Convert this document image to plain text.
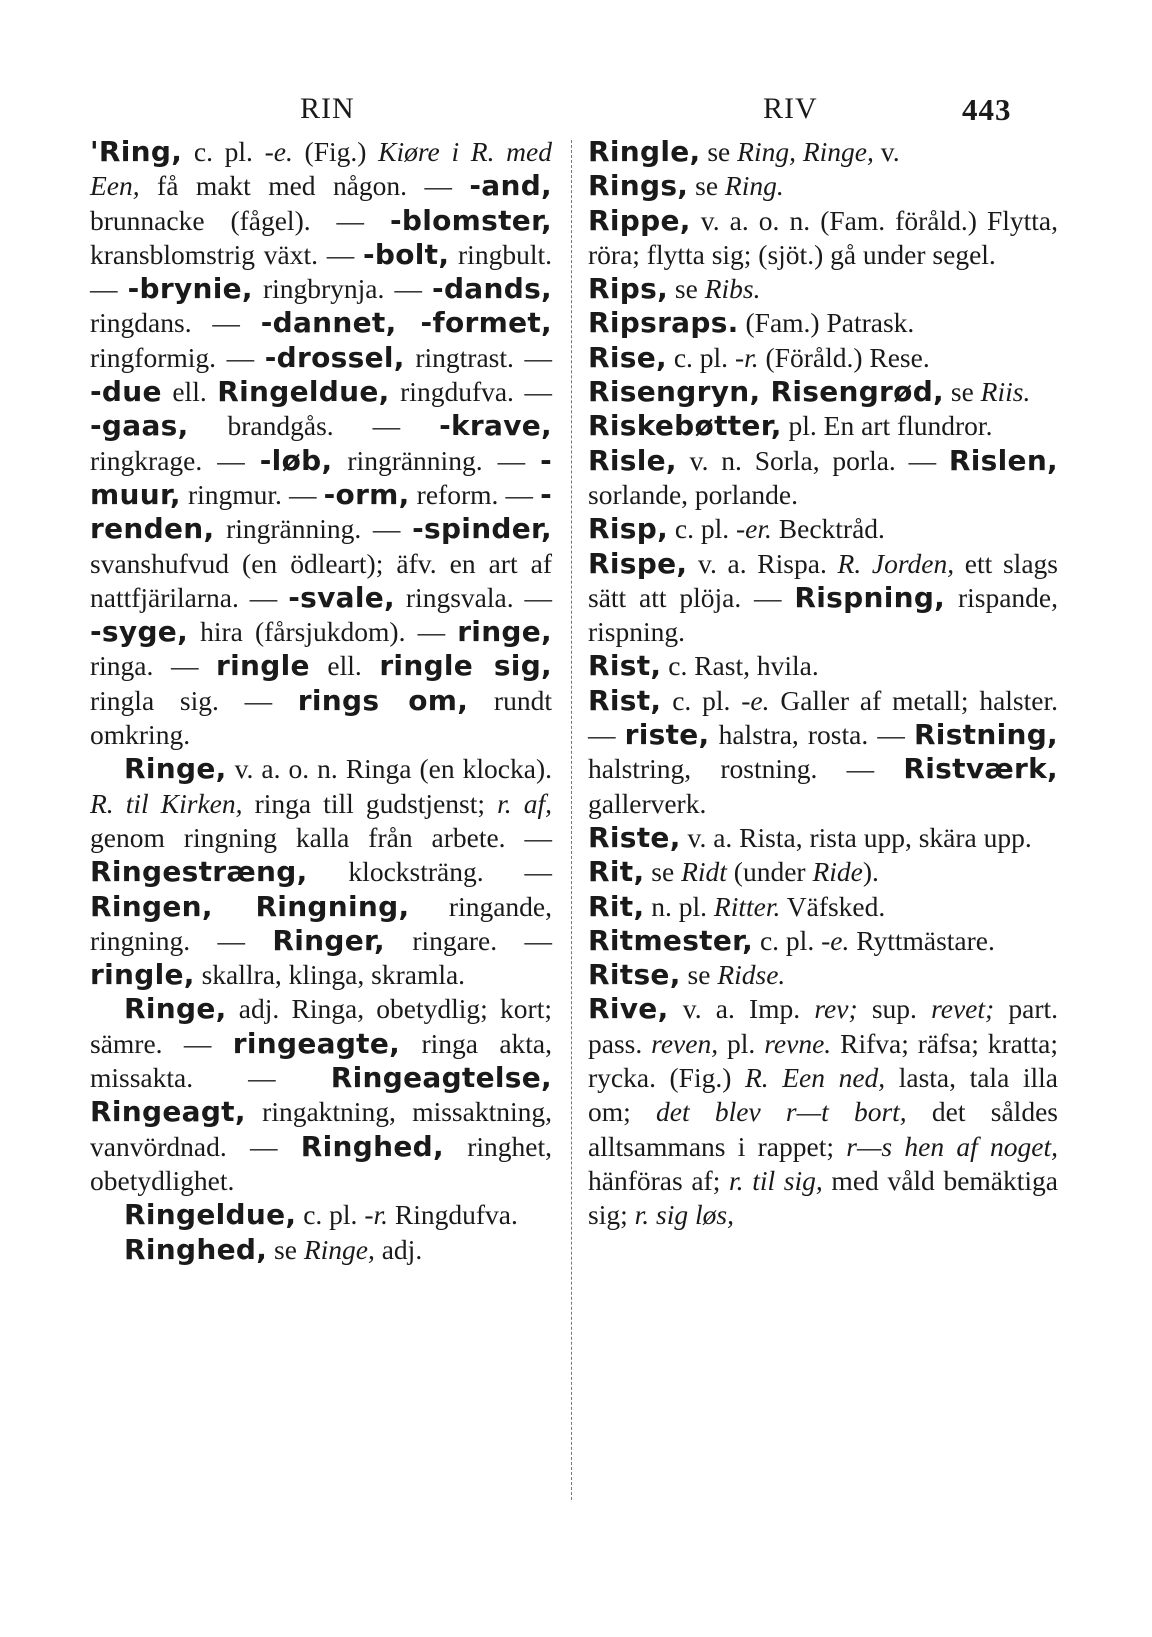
RIN	RIV	443

'Ring, c. pl. -e. (Fig.) Kiøre i R. med Een, få makt med någon. — -and, brunnacke (fågel). — -blomster, kransblomstrig växt. — -bolt, ringbult. — -brynie, ringbrynja. — -dands, ringdans. — -dannet, -formet, ringformig. — -drossel, ringtrast. — -due ell. Ringeldue, ringdufva. — -gaas, brandgås. — -krave, ringkrage. — -løb, ringränning. — -muur, ringmur. — -orm, reform. — -renden, ringränning. — -spinder, svanshufvud (en ödleart); äfv. en art af nattfjärilarna. — -svale, ringsvala. — -syge, hira (fårsjukdom). — ringe, ringa. — ringle ell. ringle sig, ringla sig. — rings om, rundt omkring.

Ringe, v. a. o. n. Ringa (en klocka). R. til Kirken, ringa till gudstjenst; r. af, genom ringning kalla från arbete. — Ringestræng, klocksträng. — Ringen, Ringning, ringande, ringning. — Ringer, ringare. — ringle, skallra, klinga, skramla.

Ringe, adj. Ringa, obetydlig; kort; sämre. — ringeagte, ringa akta, missakta. — Ringeagtelse, Ringeagt, ringaktning, missaktning, vanvördnad. — Ringhed, ringhet, obetydlighet.

Ringeldue, c. pl. -r. Ringdufva.

Ringhed, se Ringe, adj.

Ringle, se Ring, Ringe, v.

Rings, se Ring.

Rippe, v. a. o. n. (Fam. föråld.) Flytta, röra; flytta sig; (sjöt.) gå under segel.

Rips, se Ribs.

Ripsraps. (Fam.) Patrask.

Rise, c. pl. -r. (Föråld.) Rese.

Risengryn, Risengrød, se Riis.

Riskebøtter, pl. En art flundror.

Risle, v. n. Sorla, porla. — Rislen, sorlande, porlande.

Risp, c. pl. -er. Becktråd.

Rispe, v. a. Rispa. R. Jorden, ett slags sätt att plöja. — Rispning, rispande, rispning.

Rist, c. Rast, hvila.

Rist, c. pl. -e. Galler af metall; halster. — riste, halstra, rosta. — Ristning, halstring, rostning. — Ristværk, gallerverk.

Riste, v. a. Rista, rista upp, skära upp.

Rit, se Ridt (under Ride).

Rit, n. pl. Ritter. Väfsked.

Ritmester, c. pl. -e. Ryttmästare.

Ritse, se Ridse.

Rive, v. a. Imp. rev; sup. revet; part. pass. reven, pl. revne. Rifva; räfsa; kratta; rycka. (Fig.) R. Een ned, lasta, tala illa om; det blev r—t bort, det såldes alltsammans i rappet; r—s hen af noget, hänföras af; r. til sig, med våld bemäktiga sig; r. sig løs,
